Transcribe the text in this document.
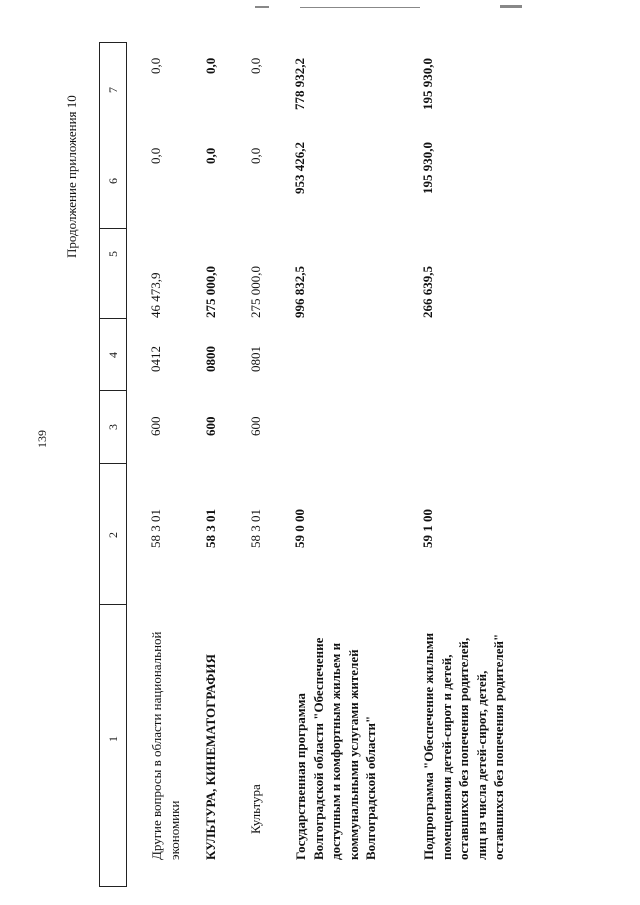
139
Продолжение приложения 10
7
6
5
4
3
2
1 Другие вопросы в области национальной экономики
58 3 01
600
0412
46 473,9
0,0
0,0
КУЛЬТУРА, КИНЕМАТОГРАФИЯ
58 3 01
600
0800
275 000,0
0,0
0,0
Культура
58 3 01
600
0801
275 000,0
0,0
0,0
Государственная программа Волгоградской области "Обеспечение доступным и комфортным жильем и коммунальными услугами жителей Волгоградской области"
59 0 00
996 832,5
953 426,2
778 932,2
Подпрограмма "Обеспечение жилыми помещениями детей-сирот и детей, оставшихся без попечения родителей, лиц из числа детей-сирот, детей, оставшихся без попечения родителей"
59 1 00
266 639,5
195 930,0
195 930,0
